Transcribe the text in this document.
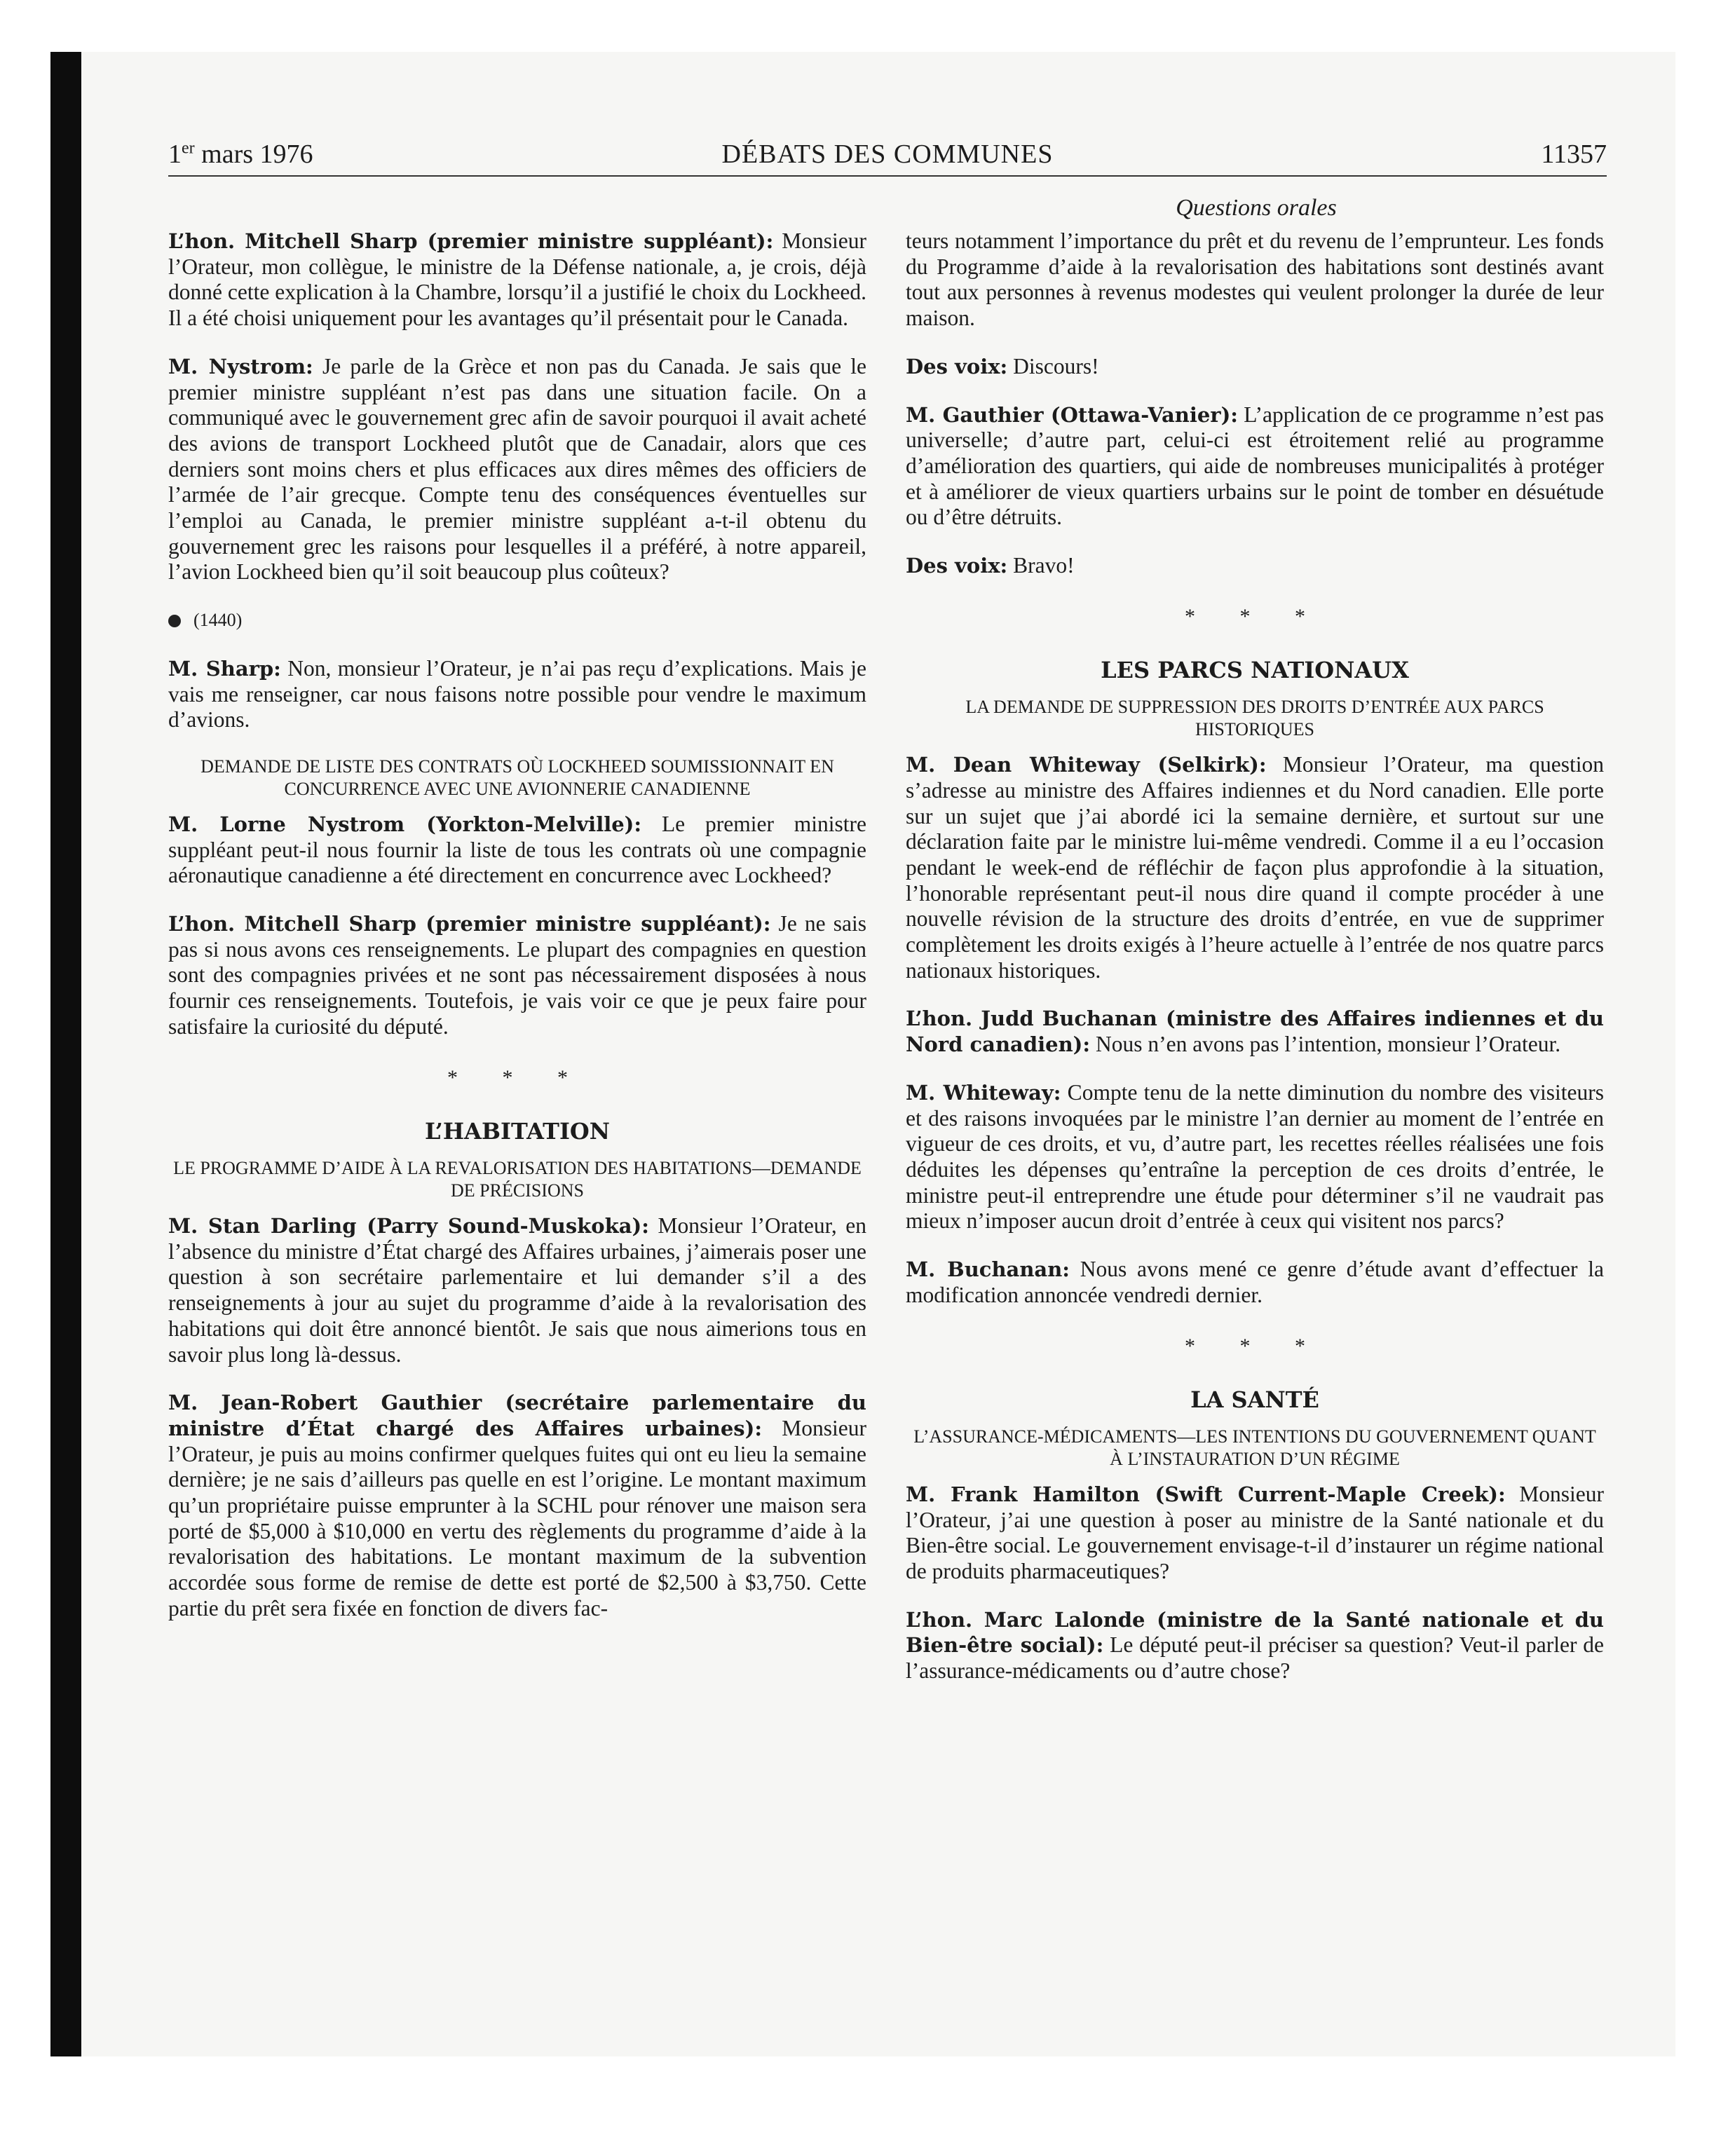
1er mars 1976	DÉBATS DES COMMUNES	11357
Questions orales

L’hon. Mitchell Sharp (premier ministre suppléant): Monsieur l’Orateur, mon collègue, le ministre de la Défense nationale, a, je crois, déjà donné cette explication à la Chambre, lorsqu’il a justifié le choix du Lockheed. Il a été choisi uniquement pour les avantages qu’il présentait pour le Canada.

M. Nystrom: Je parle de la Grèce et non pas du Canada. Je sais que le premier ministre suppléant n’est pas dans une situation facile. On a communiqué avec le gouvernement grec afin de savoir pourquoi il avait acheté des avions de transport Lockheed plutôt que de Canadair, alors que ces derniers sont moins chers et plus efficaces aux dires mêmes des officiers de l’armée de l’air grecque. Compte tenu des conséquences éventuelles sur l’emploi au Canada, le premier ministre suppléant a-t-il obtenu du gouvernement grec les raisons pour lesquelles il a préféré, à notre appareil, l’avion Lockheed bien qu’il soit beaucoup plus coûteux?

(1440)

M. Sharp: Non, monsieur l’Orateur, je n’ai pas reçu d’explications. Mais je vais me renseigner, car nous faisons notre possible pour vendre le maximum d’avions.

DEMANDE DE LISTE DES CONTRATS OÙ LOCKHEED SOUMISSIONNAIT EN CONCURRENCE AVEC UNE AVIONNERIE CANADIENNE

M. Lorne Nystrom (Yorkton-Melville): Le premier ministre suppléant peut-il nous fournir la liste de tous les contrats où une compagnie aéronautique canadienne a été directement en concurrence avec Lockheed?

L’hon. Mitchell Sharp (premier ministre suppléant): Je ne sais pas si nous avons ces renseignements. Le plupart des compagnies en question sont des compagnies privées et ne sont pas nécessairement disposées à nous fournir ces renseignements. Toutefois, je vais voir ce que je peux faire pour satisfaire la curiosité du député.

* * *
L’HABITATION
LE PROGRAMME D’AIDE À LA REVALORISATION DES HABITATIONS—DEMANDE DE PRÉCISIONS

M. Stan Darling (Parry Sound-Muskoka): Monsieur l’Orateur, en l’absence du ministre d’État chargé des Affaires urbaines, j’aimerais poser une question à son secrétaire parlementaire et lui demander s’il a des renseignements à jour au sujet du programme d’aide à la revalorisation des habitations qui doit être annoncé bientôt. Je sais que nous aimerions tous en savoir plus long là-dessus.

M. Jean-Robert Gauthier (secrétaire parlementaire du ministre d’État chargé des Affaires urbaines): Monsieur l’Orateur, je puis au moins confirmer quelques fuites qui ont eu lieu la semaine dernière; je ne sais d’ailleurs pas quelle en est l’origine. Le montant maximum qu’un propriétaire puisse emprunter à la SCHL pour rénover une maison sera porté de $5,000 à $10,000 en vertu des règlements du programme d’aide à la revalorisation des habitations. Le montant maximum de la subvention accordée sous forme de remise de dette est porté de $2,500 à $3,750. Cette partie du prêt sera fixée en fonction de divers fac-

teurs notamment l’importance du prêt et du revenu de l’emprunteur. Les fonds du Programme d’aide à la revalorisation des habitations sont destinés avant tout aux personnes à revenus modestes qui veulent prolonger la durée de leur maison.

Des voix: Discours!

M. Gauthier (Ottawa-Vanier): L’application de ce programme n’est pas universelle; d’autre part, celui-ci est étroitement relié au programme d’amélioration des quartiers, qui aide de nombreuses municipalités à protéger et à améliorer de vieux quartiers urbains sur le point de tomber en désuétude ou d’être détruits.

Des voix: Bravo!

* * *
LES PARCS NATIONAUX
LA DEMANDE DE SUPPRESSION DES DROITS D’ENTRÉE AUX PARCS HISTORIQUES

M. Dean Whiteway (Selkirk): Monsieur l’Orateur, ma question s’adresse au ministre des Affaires indiennes et du Nord canadien. Elle porte sur un sujet que j’ai abordé ici la semaine dernière, et surtout sur une déclaration faite par le ministre lui-même vendredi. Comme il a eu l’occasion pendant le week-end de réfléchir de façon plus approfondie à la situation, l’honorable représentant peut-il nous dire quand il compte procéder à une nouvelle révision de la structure des droits d’entrée, en vue de supprimer complètement les droits exigés à l’heure actuelle à l’entrée de nos quatre parcs nationaux historiques.

L’hon. Judd Buchanan (ministre des Affaires indiennes et du Nord canadien): Nous n’en avons pas l’intention, monsieur l’Orateur.

M. Whiteway: Compte tenu de la nette diminution du nombre des visiteurs et des raisons invoquées par le ministre l’an dernier au moment de l’entrée en vigueur de ces droits, et vu, d’autre part, les recettes réelles réalisées une fois déduites les dépenses qu’entraîne la perception de ces droits d’entrée, le ministre peut-il entreprendre une étude pour déterminer s’il ne vaudrait pas mieux n’imposer aucun droit d’entrée à ceux qui visitent nos parcs?

M. Buchanan: Nous avons mené ce genre d’étude avant d’effectuer la modification annoncée vendredi dernier.

* * *
LA SANTÉ
L’ASSURANCE-MÉDICAMENTS—LES INTENTIONS DU GOUVERNEMENT QUANT À L’INSTAURATION D’UN RÉGIME

M. Frank Hamilton (Swift Current-Maple Creek): Monsieur l’Orateur, j’ai une question à poser au ministre de la Santé nationale et du Bien-être social. Le gouvernement envisage-t-il d’instaurer un régime national de produits pharmaceutiques?

L’hon. Marc Lalonde (ministre de la Santé nationale et du Bien-être social): Le député peut-il préciser sa question? Veut-il parler de l’assurance-médicaments ou d’autre chose?
